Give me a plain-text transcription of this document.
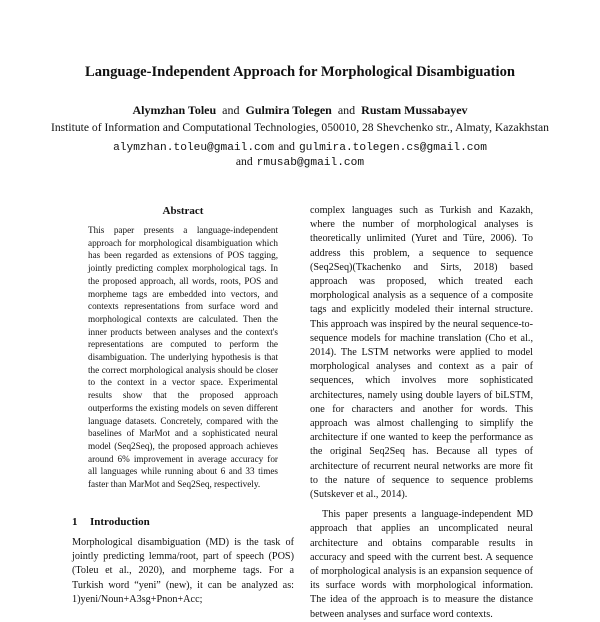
Language-Independent Approach for Morphological Disambiguation

Alymzhan Toleu and Gulmira Tolegen and Rustam Mussabayev

Institute of Information and Computational Technologies, 050010, 28 Shevchenko str., Almaty, Kazakhstan

alymzhan.toleu@gmail.com and gulmira.tolegen.cs@gmail.com

and rmusab@gmail.com

Abstract

This paper presents a language-independent approach for morphological disambiguation which has been regarded as extensions of POS tagging, jointly predicting complex morphological tags. In the proposed approach, all words, roots, POS and morpheme tags are embedded into vectors, and contexts representations from surface word and morphological contexts are calculated. Then the inner products between analyses and the context's representations are computed to perform the disambiguation. The underlying hypothesis is that the correct morphological analysis should be closer to the context in a vector space. Experimental results show that the proposed approach outperforms the existing models on seven different language datasets. Concretely, compared with the baselines of MarMot and a sophisticated neural model (Seq2Seq), the proposed approach achieves around 6% improvement in average accuracy for all languages while running about 6 and 33 times faster than MarMot and Seq2Seq, respectively.

1 Introduction

Morphological disambiguation (MD) is the task of jointly predicting lemma/root, part of speech (POS)(Toleu et al., 2020), and morpheme tags. For a Turkish word “yeni” (new), it can be analyzed as: 1)yeni/Noun+A3sg+Pnon+Acc;

complex languages such as Turkish and Kazakh, where the number of morphological analyses is theoretically unlimited (Yuret and Türe, 2006). To address this problem, a sequence to sequence (Seq2Seq)(Tkachenko and Sirts, 2018) based approach was proposed, which treated each morphological analysis as a sequence of a composite tags and explicitly modeled their internal structure. This approach was inspired by the neural sequence-to-sequence models for machine translation (Cho et al., 2014). The LSTM networks were applied to model morphological analyses and context as a pair of sequences, which involves more sophisticated architectures, namely using double layers of biLSTM, one for characters and another for words. This approach was almost challenging to simplify the architecture if one wanted to keep the performance as the original Seq2Seq has. Because all types of architecture of recurrent neural networks are more fit to the nature of sequence to sequence problems (Sutskever et al., 2014).

This paper presents a language-independent MD approach that applies an uncomplicated neural architecture and obtains comparable results in accuracy and speed with the current best. A sequence of morphological analysis is an expansion sequence of its surface words with morphological information. The idea of the approach is to measure the distance between analyses and surface word contexts.
